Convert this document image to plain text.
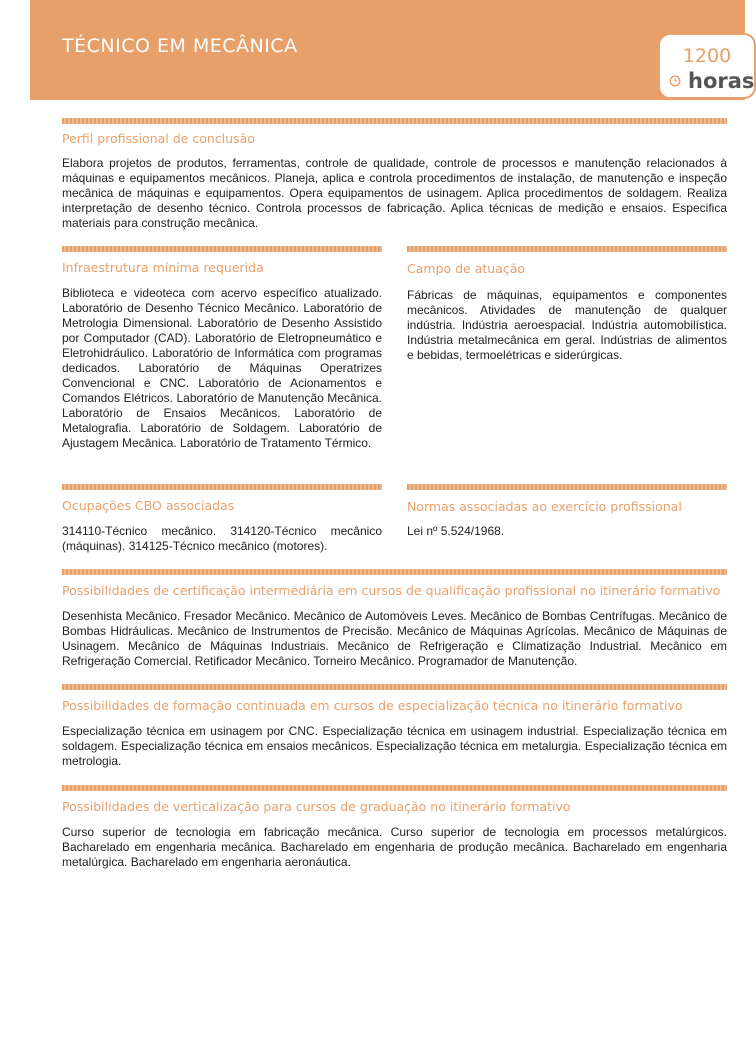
TÉCNICO EM MECÂNICA	1200
horas
Perfil profissional de conclusão

Elabora projetos de produtos, ferramentas, controle de qualidade, controle de processos e manutenção relacionados à máquinas e equipamentos mecânicos. Planeja, aplica e controla procedimentos de instalação, de manutenção e inspeção mecânica de máquinas e equipamentos. Opera equipamentos de usinagem. Aplica procedimentos de soldagem. Realiza interpretação de desenho técnico. Controla processos de fabricação. Aplica técnicas de medição e ensaios. Especifica materiais para construção mecânica.

Infraestrutura mínima requerida

Biblioteca e videoteca com acervo específico atualizado. Laboratório de Desenho Técnico Mecânico. Laboratório de Metrologia Dimensional. Laboratório de Desenho Assistido por Computador (CAD). Laboratório de Eletropneumático e Eletrohidráulico. Laboratório de Informática com programas dedicados. Laboratório de Máquinas Operatrizes Convencional e CNC. Laboratório de Acionamentos e Comandos Elétricos. Laboratório de Manutenção Mecânica. Laboratório de Ensaios Mecânicos. Laboratório de Metalografia. Laboratório de Soldagem. Laboratório de Ajustagem Mecânica. Laboratório de Tratamento Térmico.

Campo de atuação

Fábricas de máquinas, equipamentos e componentes mecânicos. Atividades de manutenção de qualquer indústria. Indústria aeroespacial. Indústria automobilística. Indústria metalmecânica em geral. Indústrias de alimentos e bebidas, termoelétricas e siderúrgicas.

Ocupações CBO associadas

314110-Técnico mecânico. 314120-Técnico mecânico (máquinas). 314125-Técnico mecânico (motores).

Normas associadas ao exercício profissional

Lei nº 5.524/1968.

Possibilidades de certificação intermediária em cursos de qualificação profissional no itinerário formativo

Desenhista Mecânico. Fresador Mecânico. Mecânico de Automóveis Leves. Mecânico de Bombas Centrífugas. Mecânico de Bombas Hidráulicas. Mecânico de Instrumentos de Precisão. Mecânico de Máquinas Agrícolas. Mecânico de Máquinas de Usinagem. Mecânico de Máquinas Industriais. Mecânico de Refrigeração e Climatização Industrial. Mecânico em Refrigeração Comercial. Retificador Mecânico. Torneiro Mecânico. Programador de Manutenção.

Possibilidades de formação continuada em cursos de especialização técnica no itinerário formativo

Especialização técnica em usinagem por CNC. Especialização técnica em usinagem industrial. Especialização técnica em soldagem. Especialização técnica em ensaios mecânicos. Especialização técnica em metalurgia. Especialização técnica em metrologia.

Possibilidades de verticalização para cursos de graduação no itinerário formativo

Curso superior de tecnologia em fabricação mecânica. Curso superior de tecnologia em processos metalúrgicos. Bacharelado em engenharia mecânica. Bacharelado em engenharia de produção mecânica. Bacharelado em engenharia metalúrgica. Bacharelado em engenharia aeronáutica.
